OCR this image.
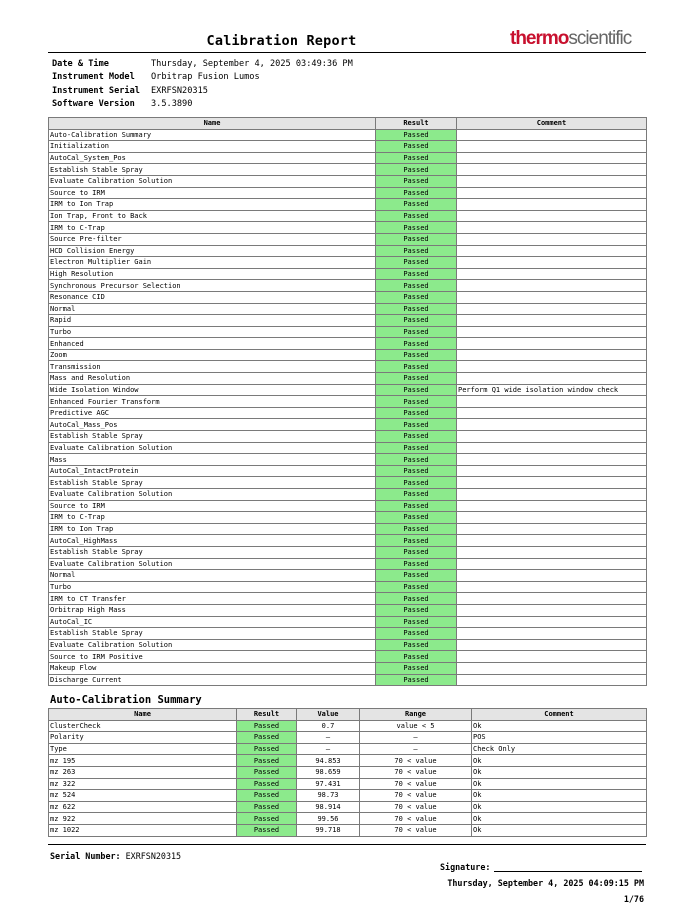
Calibration Report	thermoscientific
Date & Time	Thursday, September 4, 2025 03:49:36 PM
Instrument Model	Orbitrap Fusion Lumos
Instrument Serial	EXRFSN20315
Software Version	3.5.3890
Name	Result	Comment
Auto-Calibration Summary	Passed	
Initialization	Passed	
AutoCal_System_Pos	Passed	
Establish Stable Spray	Passed	
Evaluate Calibration Solution	Passed	
Source to IRM	Passed	
IRM to Ion Trap	Passed	
Ion Trap, Front to Back	Passed	
IRM to C-Trap	Passed	
Source Pre-filter	Passed	
HCD Collision Energy	Passed	
Electron Multiplier Gain	Passed	
High Resolution	Passed	
Synchronous Precursor Selection	Passed	
Resonance CID	Passed	
Normal	Passed	
Rapid	Passed	
Turbo	Passed	
Enhanced	Passed	
Zoom	Passed	
Transmission	Passed	
Mass and Resolution	Passed	
Wide Isolation Window	Passed	Perform Q1 wide isolation window check
Enhanced Fourier Transform	Passed	
Predictive AGC	Passed	
AutoCal_Mass_Pos	Passed	
Establish Stable Spray	Passed	
Evaluate Calibration Solution	Passed	
Mass	Passed	
AutoCal_IntactProtein	Passed	
Establish Stable Spray	Passed	
Evaluate Calibration Solution	Passed	
Source to IRM	Passed	
IRM to C-Trap	Passed	
IRM to Ion Trap	Passed	
AutoCal_HighMass	Passed	
Establish Stable Spray	Passed	
Evaluate Calibration Solution	Passed	
Normal	Passed	
Turbo	Passed	
IRM to CT Transfer	Passed	
Orbitrap High Mass	Passed	
AutoCal_IC	Passed	
Establish Stable Spray	Passed	
Evaluate Calibration Solution	Passed	
Source to IRM Positive	Passed	
Makeup Flow	Passed	
Discharge Current	Passed	
Auto-Calibration Summary
Name	Result	Value	Range	Comment
ClusterCheck	Passed	0.7	value < 5	Ok
Polarity	Passed	—	—	POS
Type	Passed	—	—	Check Only
mz 195	Passed	94.853	70 < value	Ok
mz 263	Passed	98.659	70 < value	Ok
mz 322	Passed	97.431	70 < value	Ok
mz 524	Passed	98.73	70 < value	Ok
mz 622	Passed	98.914	70 < value	Ok
mz 922	Passed	99.56	70 < value	Ok
mz 1022	Passed	99.718	70 < value	Ok
Serial Number: EXRFSN20315
Signature:
Thursday, September 4, 2025 04:09:15 PM
1/76
